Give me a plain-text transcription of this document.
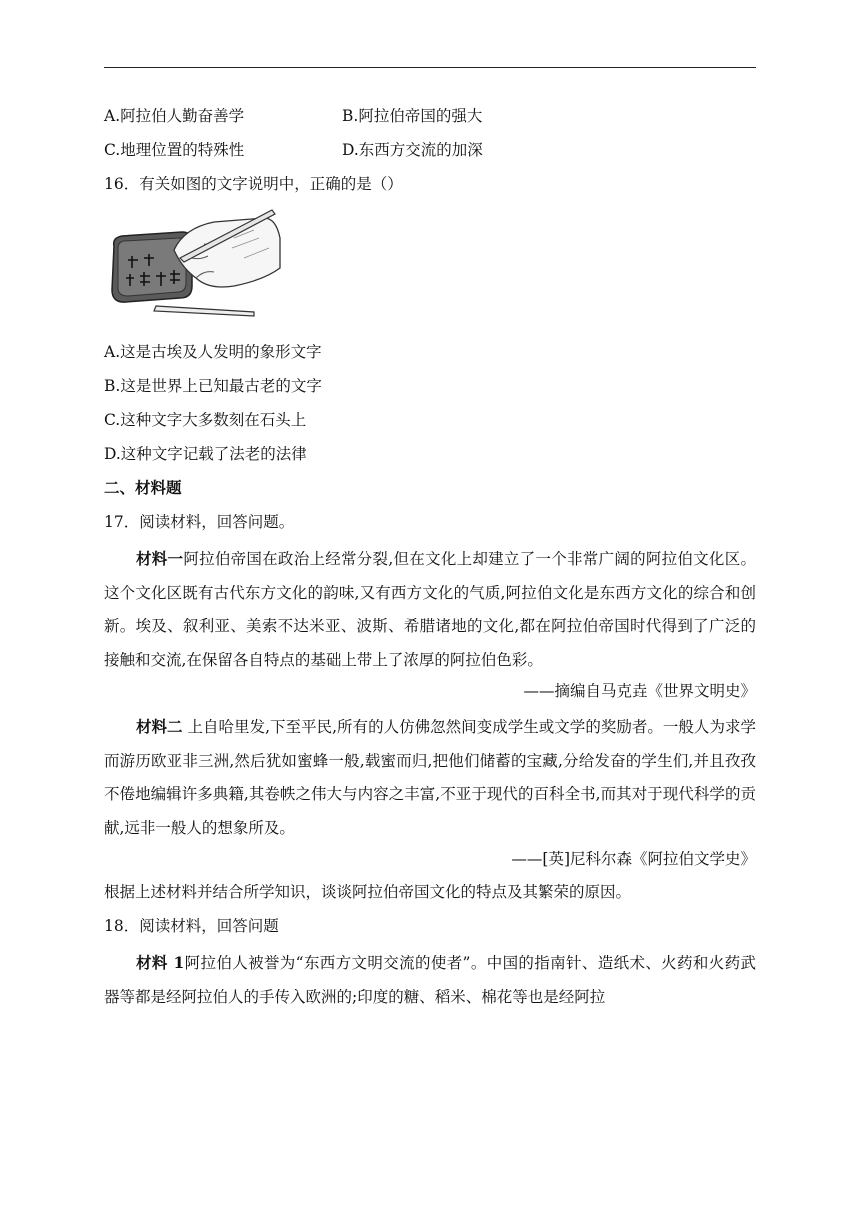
A.阿拉伯人勤奋善学	B.阿拉伯帝国的强大
C.地理位置的特殊性	D.东西方交流的加深
16．有关如图的文字说明中，正确的是（）
A.这是古埃及人发明的象形文字
B.这是世界上已知最古老的文字
C.这种文字大多数刻在石头上
D.这种文字记载了法老的法律
二、材料题
17．阅读材料，回答问题。

材料一阿拉伯帝国在政治上经常分裂,但在文化上却建立了一个非常广阔的阿拉伯文化区。这个文化区既有古代东方文化的韵味,又有西方文化的气质,阿拉伯文化是东西方文化的综合和创新。埃及、叙利亚、美索不达米亚、波斯、希腊诸地的文化,都在阿拉伯帝国时代得到了广泛的接触和交流,在保留各自特点的基础上带上了浓厚的阿拉伯色彩。

——摘编自马克垚《世界文明史》

材料二 上自哈里发,下至平民,所有的人仿佛忽然间变成学生或文学的奖励者。一般人为求学而游历欧亚非三洲,然后犹如蜜蜂一般,载蜜而归,把他们储蓄的宝藏,分给发奋的学生们,并且孜孜不倦地编辑许多典籍,其卷帙之伟大与内容之丰富,不亚于现代的百科全书,而其对于现代科学的贡献,远非一般人的想象所及。

——[英]尼科尔森《阿拉伯文学史》
根据上述材料并结合所学知识，谈谈阿拉伯帝国文化的特点及其繁荣的原因。
18．阅读材料，回答问题

材料 1阿拉伯人被誉为“东西方文明交流的使者”。中国的指南针、造纸术、火药和火药武器等都是经阿拉伯人的手传入欧洲的;印度的糖、稻米、棉花等也是经阿拉
